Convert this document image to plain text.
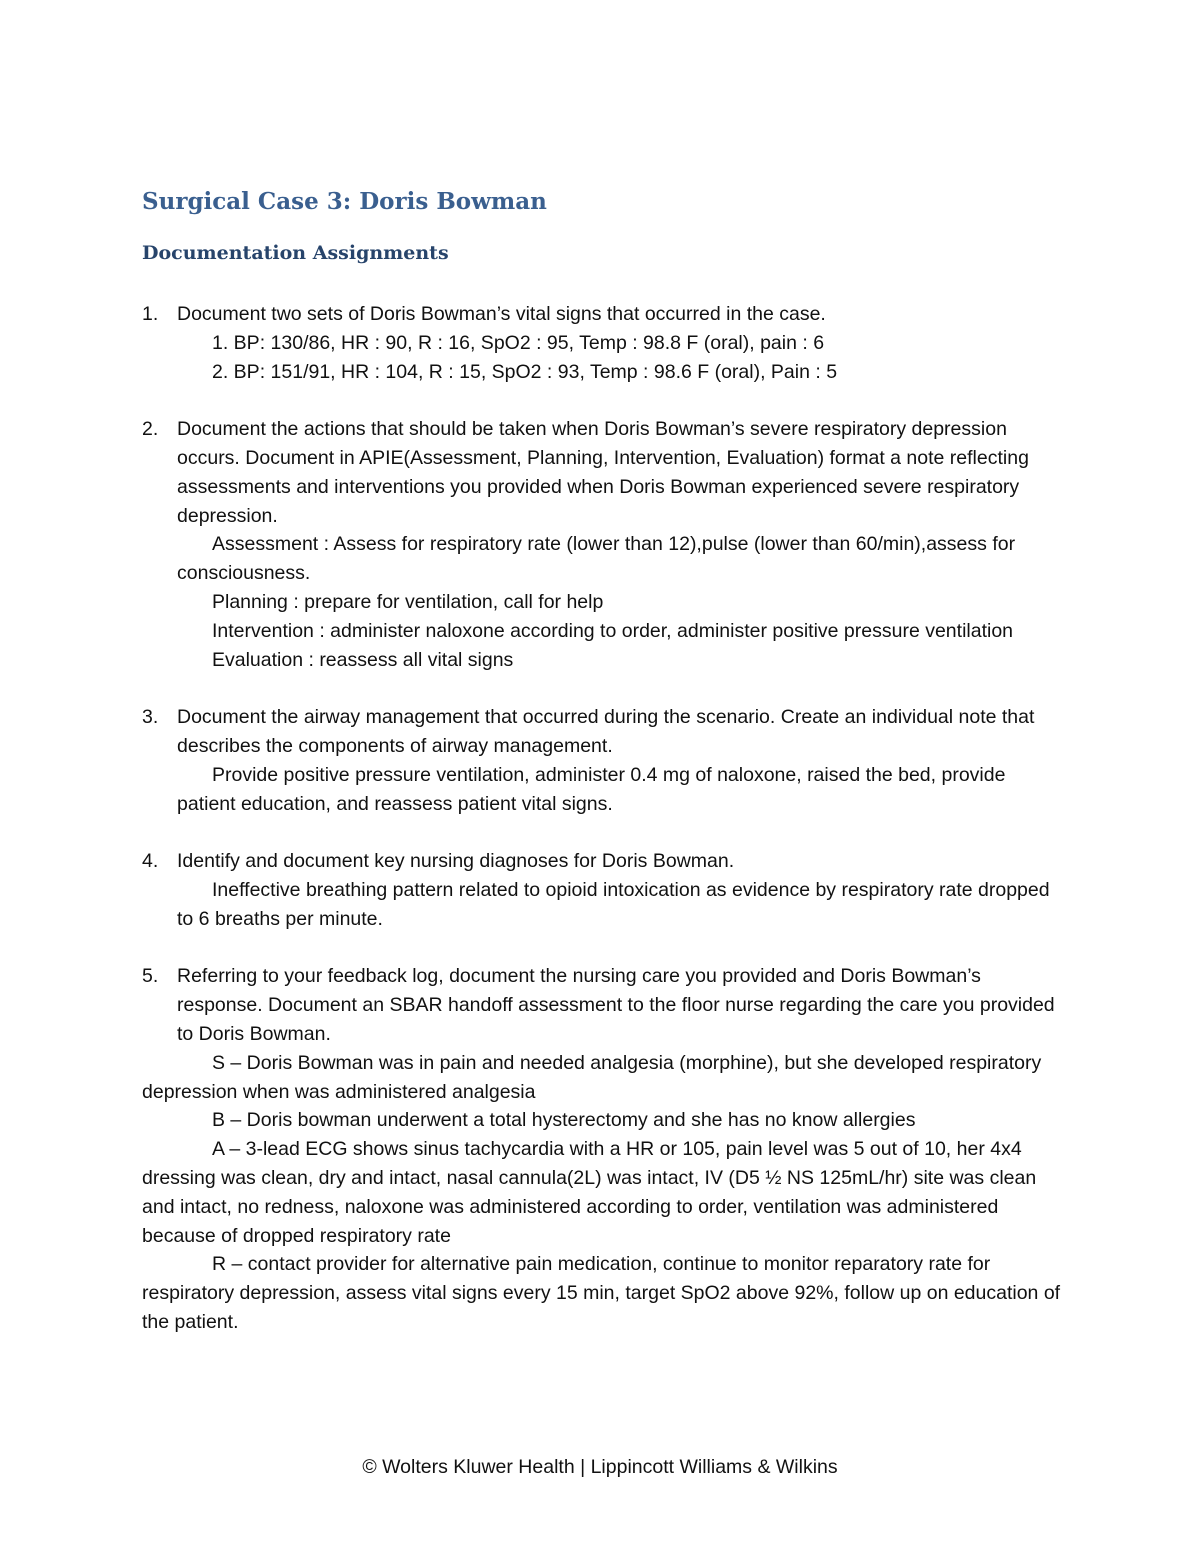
Surgical Case 3: Doris Bowman
Documentation Assignments
1. Document two sets of Doris Bowman’s vital signs that occurred in the case.

1. BP: 130/86, HR : 90, R : 16, SpO2 : 95, Temp : 98.8 F (oral), pain : 6

2. BP: 151/91, HR : 104, R : 15, SpO2 : 93, Temp : 98.6 F (oral), Pain : 5

2. Document the actions that should be taken when Doris Bowman’s severe respiratory depression occurs. Document in APIE(Assessment, Planning, Intervention, Evaluation) format a note reflecting assessments and interventions you provided when Doris Bowman experienced severe respiratory depression.

Assessment : Assess for respiratory rate (lower than 12),pulse (lower than 60/min),assess for consciousness.

Planning : prepare for ventilation, call for help

Intervention : administer naloxone according to order, administer positive pressure ventilation

Evaluation : reassess all vital signs

3. Document the airway management that occurred during the scenario. Create an individual note that describes the components of airway management.

Provide positive pressure ventilation, administer 0.4 mg of naloxone, raised the bed, provide patient education, and reassess patient vital signs.

4. Identify and document key nursing diagnoses for Doris Bowman.

Ineffective breathing pattern related to opioid intoxication as evidence by respiratory rate dropped to 6 breaths per minute.

5. Referring to your feedback log, document the nursing care you provided and Doris Bowman’s response. Document an SBAR handoff assessment to the floor nurse regarding the care you provided to Doris Bowman.

S – Doris Bowman was in pain and needed analgesia (morphine), but she developed respiratory depression when was administered analgesia

B – Doris bowman underwent a total hysterectomy and she has no know allergies

A – 3-lead ECG shows sinus tachycardia with a HR or 105, pain level was 5 out of 10, her 4x4 dressing was clean, dry and intact, nasal cannula(2L) was intact, IV (D5 ½ NS 125mL/hr) site was clean and intact, no redness, naloxone was administered according to order, ventilation was administered because of dropped respiratory rate

R – contact provider for alternative pain medication, continue to monitor reparatory rate for respiratory depression, assess vital signs every 15 min, target SpO2 above 92%, follow up on education of the patient.

© Wolters Kluwer Health | Lippincott Williams & Wilkins
